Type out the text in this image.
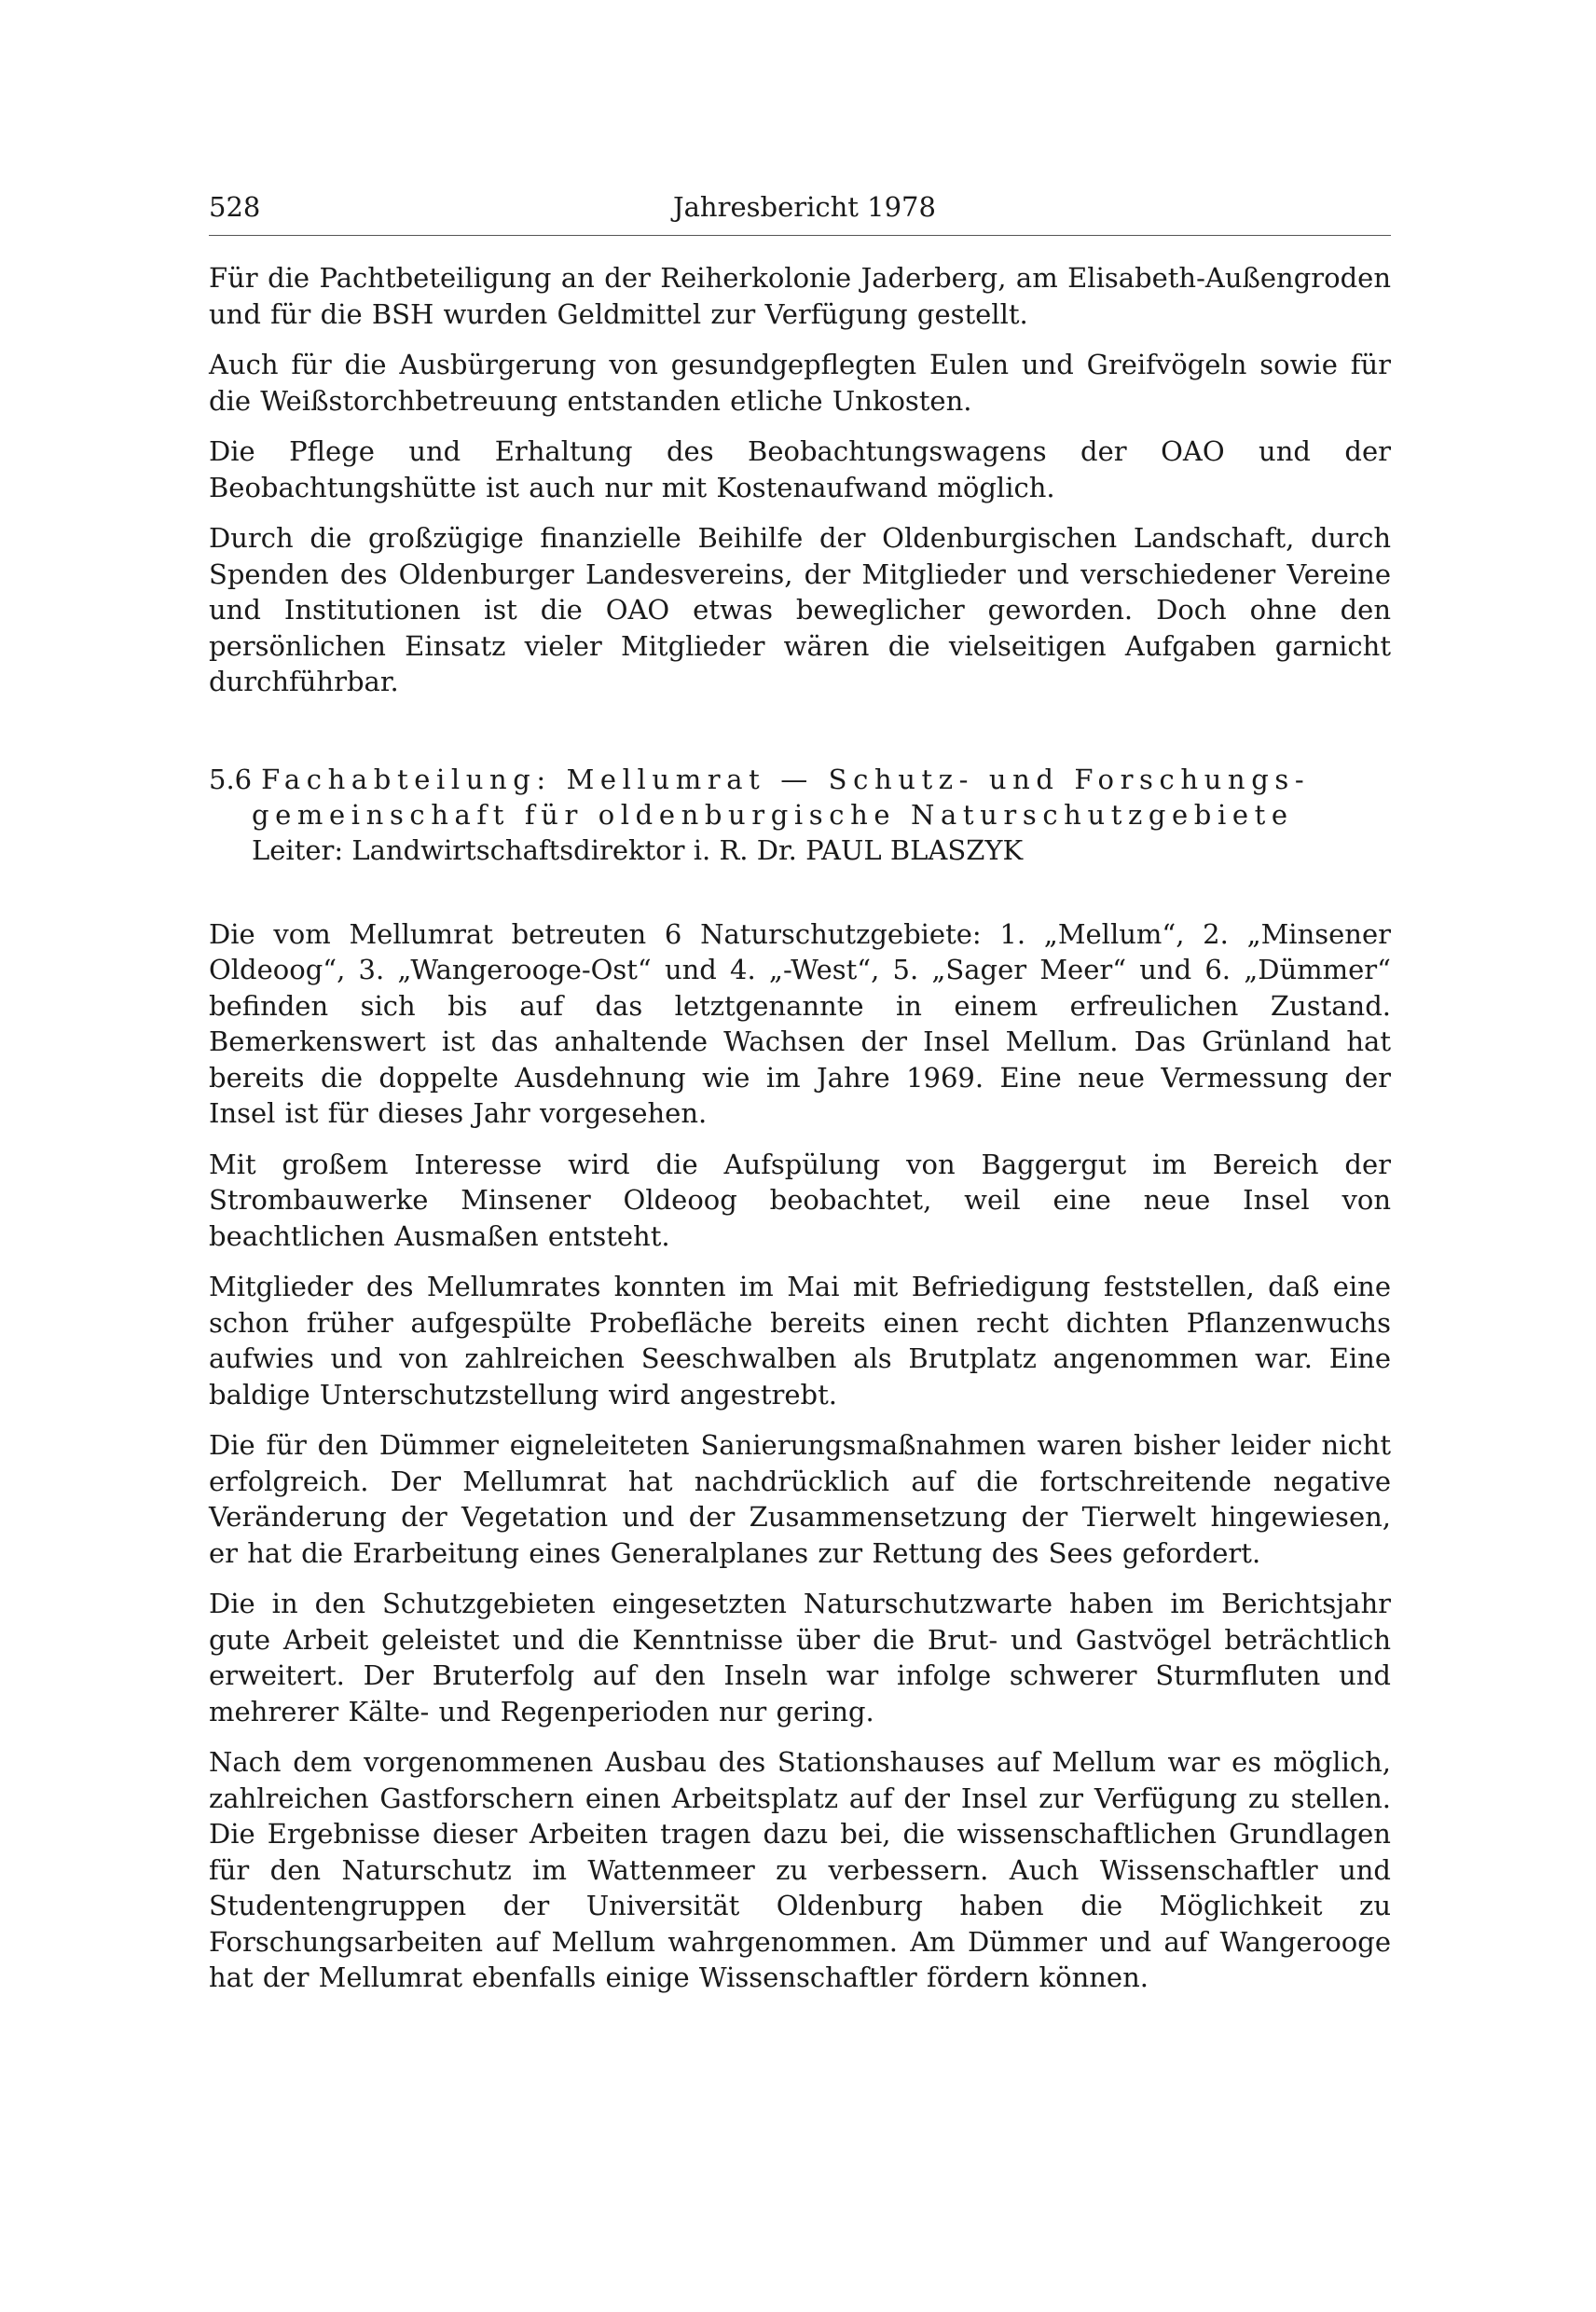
528	Jahresbericht 1978

Für die Pachtbeteiligung an der Reiherkolonie Jaderberg, am Elisabeth-Außengroden und für die BSH wurden Geldmittel zur Verfügung gestellt.

Auch für die Ausbürgerung von gesundgepflegten Eulen und Greifvögeln sowie für die Weißstorchbetreuung entstanden etliche Unkosten.

Die Pflege und Erhaltung des Beobachtungswagens der OAO und der Beobachtungshütte ist auch nur mit Kostenaufwand möglich.

Durch die großzügige finanzielle Beihilfe der Oldenburgischen Landschaft, durch Spenden des Oldenburger Landesvereins, der Mitglieder und verschiedener Vereine und Institutionen ist die OAO etwas beweglicher geworden. Doch ohne den persönlichen Einsatz vieler Mitglieder wären die vielseitigen Aufgaben garnicht durchführbar.

5.6 Fachabteilung: Mellumrat — Schutz- und Forschungs-
gemeinschaft für oldenburgische Naturschutzgebiete
Leiter: Landwirtschaftsdirektor i. R. Dr. PAUL BLASZYK

Die vom Mellumrat betreuten 6 Naturschutzgebiete: 1. „Mellum“, 2. „Minsener Oldeoog“, 3. „Wangerooge-Ost“ und 4. „-West“, 5. „Sager Meer“ und 6. „Dümmer“ befinden sich bis auf das letztgenannte in einem erfreulichen Zustand. Bemerkenswert ist das anhaltende Wachsen der Insel Mellum. Das Grünland hat bereits die doppelte Ausdehnung wie im Jahre 1969. Eine neue Vermessung der Insel ist für dieses Jahr vorgesehen.

Mit großem Interesse wird die Aufspülung von Baggergut im Bereich der Strombauwerke Minsener Oldeoog beobachtet, weil eine neue Insel von beachtlichen Ausmaßen entsteht.

Mitglieder des Mellumrates konnten im Mai mit Befriedigung feststellen, daß eine schon früher aufgespülte Probefläche bereits einen recht dichten Pflanzenwuchs aufwies und von zahlreichen Seeschwalben als Brutplatz angenommen war. Eine baldige Unterschutzstellung wird angestrebt.

Die für den Dümmer eigneleiteten Sanierungsmaßnahmen waren bisher leider nicht erfolgreich. Der Mellumrat hat nachdrücklich auf die fortschreitende negative Veränderung der Vegetation und der Zusammensetzung der Tierwelt hingewiesen, er hat die Erarbeitung eines Generalplanes zur Rettung des Sees gefordert.

Die in den Schutzgebieten eingesetzten Naturschutzwarte haben im Berichtsjahr gute Arbeit geleistet und die Kenntnisse über die Brut- und Gastvögel beträchtlich erweitert. Der Bruterfolg auf den Inseln war infolge schwerer Sturmfluten und mehrerer Kälte- und Regenperioden nur gering.

Nach dem vorgenommenen Ausbau des Stationshauses auf Mellum war es möglich, zahlreichen Gastforschern einen Arbeitsplatz auf der Insel zur Verfügung zu stellen. Die Ergebnisse dieser Arbeiten tragen dazu bei, die wissenschaftlichen Grundlagen für den Naturschutz im Wattenmeer zu verbessern. Auch Wissenschaftler und Studentengruppen der Universität Oldenburg haben die Möglichkeit zu Forschungsarbeiten auf Mellum wahrgenommen. Am Dümmer und auf Wangerooge hat der Mellumrat ebenfalls einige Wissenschaftler fördern können.
